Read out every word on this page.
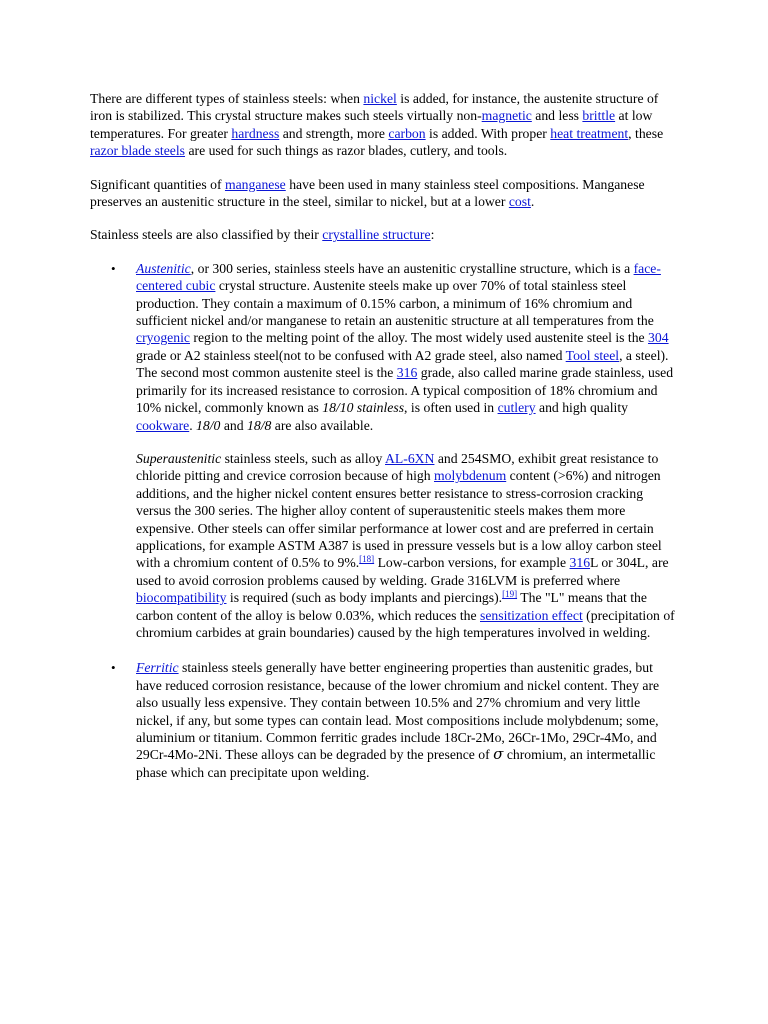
There are different types of stainless steels: when nickel is added, for instance, the austenite structure of iron is stabilized. This crystal structure makes such steels virtually non-magnetic and less brittle at low temperatures. For greater hardness and strength, more carbon is added. With proper heat treatment, these razor blade steels are used for such things as razor blades, cutlery, and tools.

Significant quantities of manganese have been used in many stainless steel compositions. Manganese preserves an austenitic structure in the steel, similar to nickel, but at a lower cost.

Stainless steels are also classified by their crystalline structure:

• Austenitic, or 300 series, stainless steels have an austenitic crystalline structure, which is a face-centered cubic crystal structure. Austenite steels make up over 70% of total stainless steel production. They contain a maximum of 0.15% carbon, a minimum of 16% chromium and sufficient nickel and/or manganese to retain an austenitic structure at all temperatures from the cryogenic region to the melting point of the alloy. The most widely used austenite steel is the 304 grade or A2 stainless steel(not to be confused with A2 grade steel, also named Tool steel, a steel). The second most common austenite steel is the 316 grade, also called marine grade stainless, used primarily for its increased resistance to corrosion. A typical composition of 18% chromium and 10% nickel, commonly known as 18/10 stainless, is often used in cutlery and high quality cookware. 18/0 and 18/8 are also available.

Superaustenitic stainless steels, such as alloy AL-6XN and 254SMO, exhibit great resistance to chloride pitting and crevice corrosion because of high molybdenum content (>6%) and nitrogen additions, and the higher nickel content ensures better resistance to stress-corrosion cracking versus the 300 series. The higher alloy content of superaustenitic steels makes them more expensive. Other steels can offer similar performance at lower cost and are preferred in certain applications, for example ASTM A387 is used in pressure vessels but is a low alloy carbon steel with a chromium content of 0.5% to 9%.[18] Low-carbon versions, for example 316L or 304L, are used to avoid corrosion problems caused by welding. Grade 316LVM is preferred where biocompatibility is required (such as body implants and piercings).[19] The "L" means that the carbon content of the alloy is below 0.03%, which reduces the sensitization effect (precipitation of chromium carbides at grain boundaries) caused by the high temperatures involved in welding.

• Ferritic stainless steels generally have better engineering properties than austenitic grades, but have reduced corrosion resistance, because of the lower chromium and nickel content. They are also usually less expensive. They contain between 10.5% and 27% chromium and very little nickel, if any, but some types can contain lead. Most compositions include molybdenum; some, aluminium or titanium. Common ferritic grades include 18Cr-2Mo, 26Cr-1Mo, 29Cr-4Mo, and 29Cr-4Mo-2Ni. These alloys can be degraded by the presence of σ chromium, an intermetallic phase which can precipitate upon welding.
